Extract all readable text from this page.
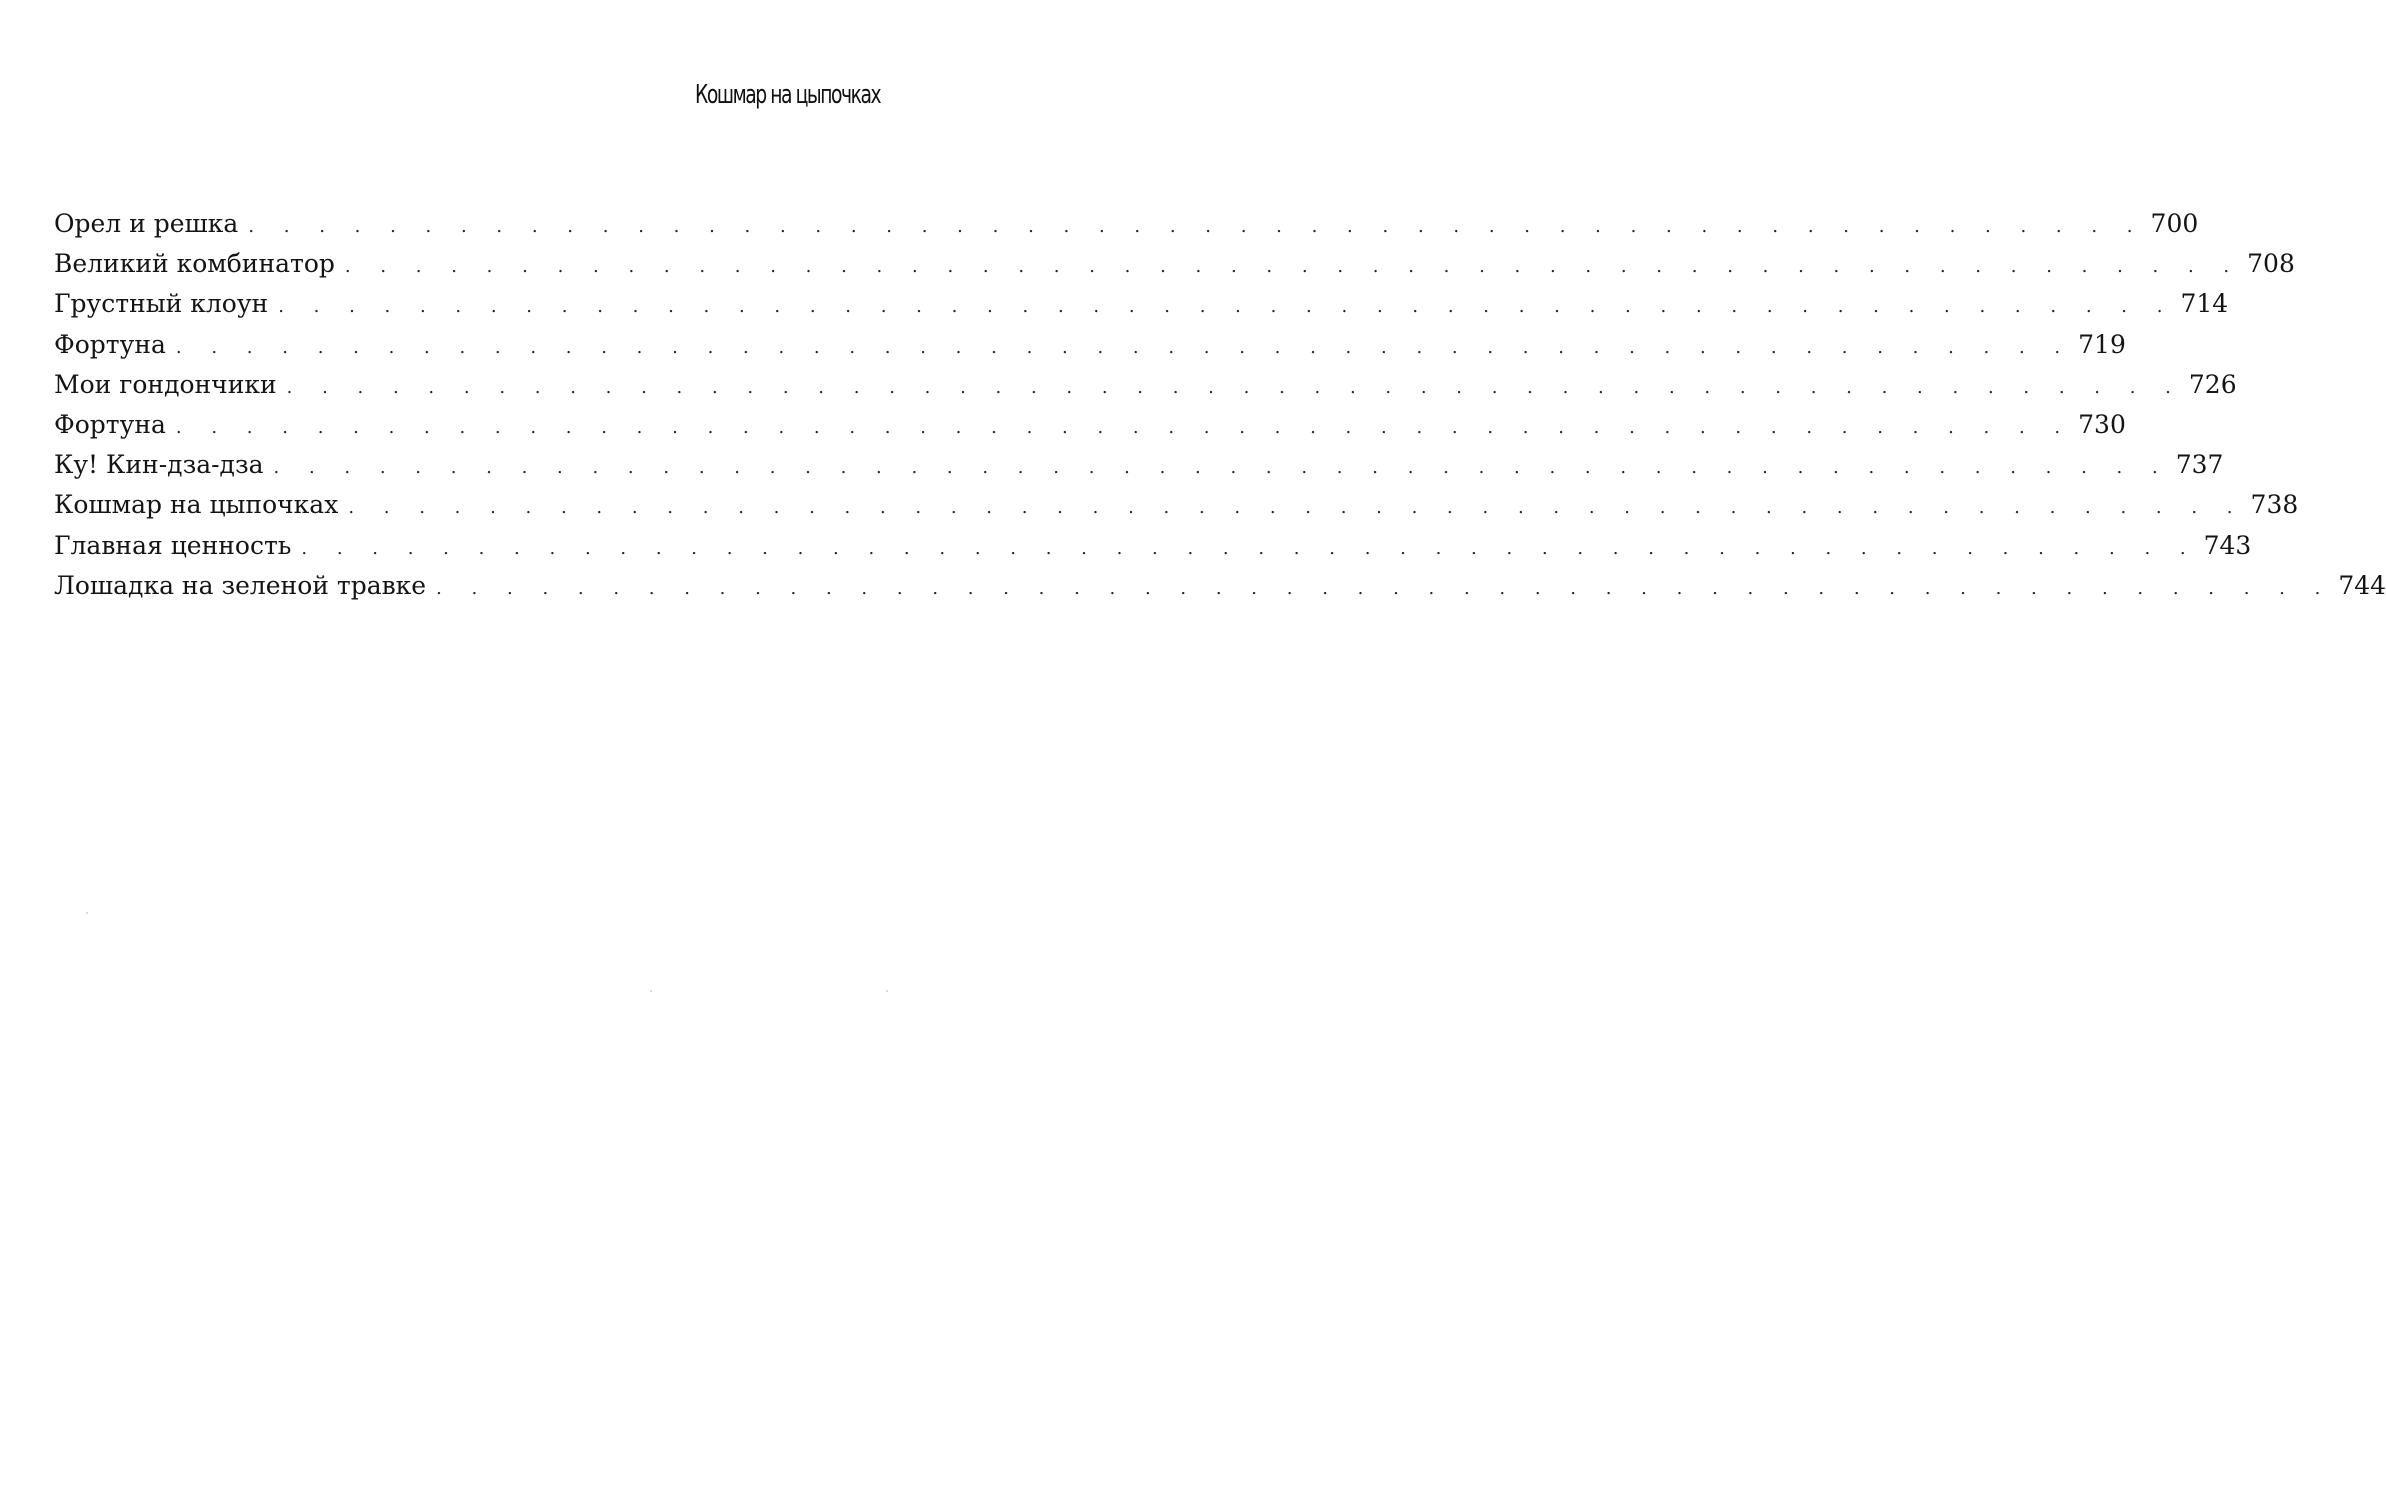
Кошмар на цыпочках
Орел и решка . . . . . . . . . . . . . . . . . . . . . . . . . . . . . . . . . . . . . . . . . . . . . . . . . . . . . . 700
Великий комбинатор . . . . . . . . . . . . . . . . . . . . . . . . . . . . . . . . . . . . . . . . . . . . . . . . . . . . . . 708
Грустный клоун . . . . . . . . . . . . . . . . . . . . . . . . . . . . . . . . . . . . . . . . . . . . . . . . . . . . . . 714
Фортуна . . . . . . . . . . . . . . . . . . . . . . . . . . . . . . . . . . . . . . . . . . . . . . . . . . . . . . 719
Мои гондончики . . . . . . . . . . . . . . . . . . . . . . . . . . . . . . . . . . . . . . . . . . . . . . . . . . . . . . 726
Фортуна . . . . . . . . . . . . . . . . . . . . . . . . . . . . . . . . . . . . . . . . . . . . . . . . . . . . . . 730
Ку! Кин-дза-дза . . . . . . . . . . . . . . . . . . . . . . . . . . . . . . . . . . . . . . . . . . . . . . . . . . . . . . 737
Кошмар на цыпочках . . . . . . . . . . . . . . . . . . . . . . . . . . . . . . . . . . . . . . . . . . . . . . . . . . . . . . 738
Главная ценность . . . . . . . . . . . . . . . . . . . . . . . . . . . . . . . . . . . . . . . . . . . . . . . . . . . . . . 743
Лошадка на зеленой травке . . . . . . . . . . . . . . . . . . . . . . . . . . . . . . . . . . . . . . . . . . . . . . . . . . . . . . 744
